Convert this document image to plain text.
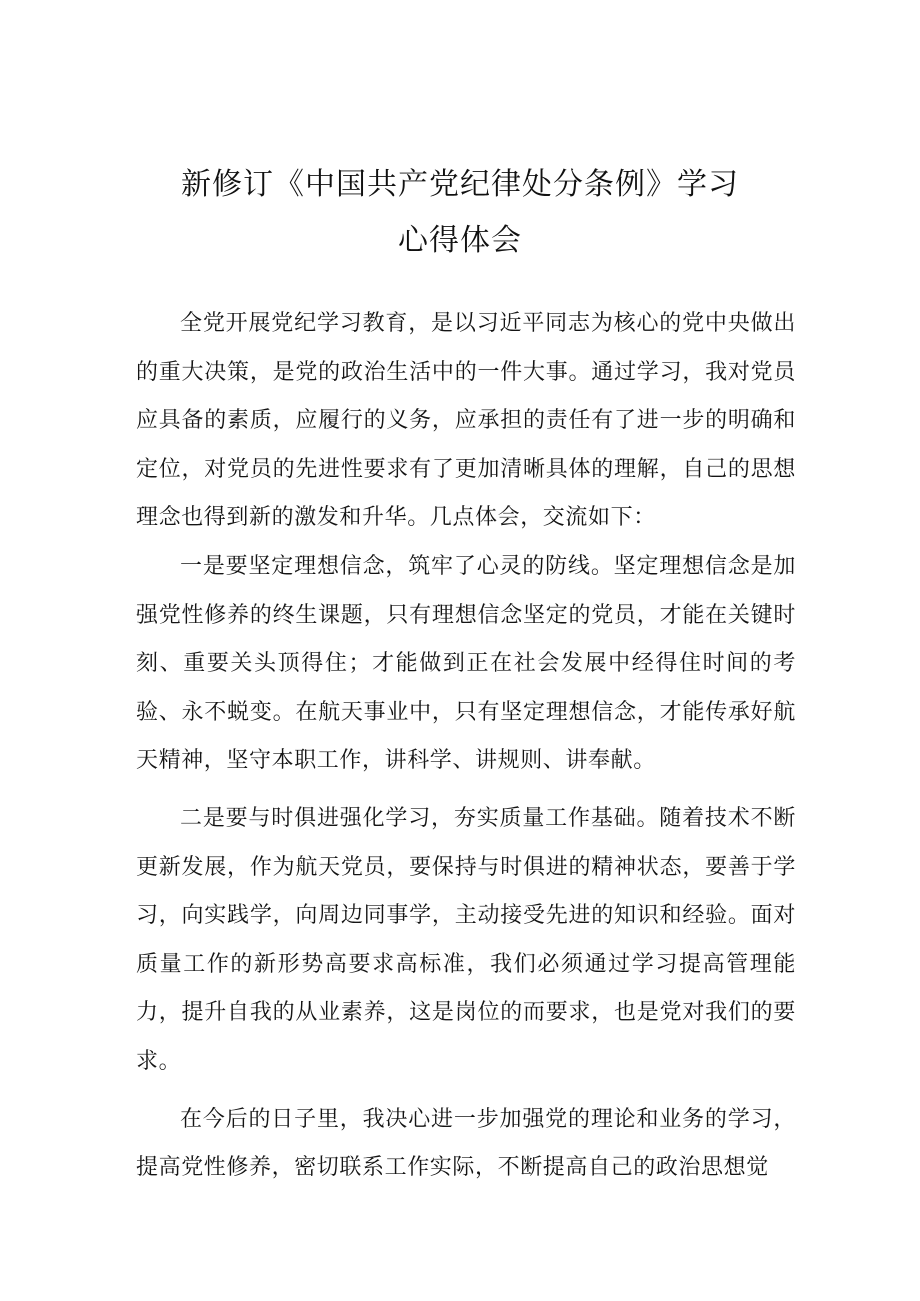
新修订《中国共产党纪律处分条例》学习
心得体会

全党开展党纪学习教育，是以习近平同志为核心的党中央做出的重大决策，是党的政治生活中的一件大事。通过学习，我对党员应具备的素质，应履行的义务，应承担的责任有了进一步的明确和定位，对党员的先进性要求有了更加清晰具体的理解，自己的思想理念也得到新的激发和升华。几点体会，交流如下：

一是要坚定理想信念，筑牢了心灵的防线。坚定理想信念是加强党性修养的终生课题，只有理想信念坚定的党员，才能在关键时刻、重要关头顶得住；才能做到正在社会发展中经得住时间的考验、永不蜕变。在航天事业中，只有坚定理想信念，才能传承好航天精神，坚守本职工作，讲科学、讲规则、讲奉献。

二是要与时俱进强化学习，夯实质量工作基础。随着技术不断更新发展，作为航天党员，要保持与时俱进的精神状态，要善于学习，向实践学，向周边同事学，主动接受先进的知识和经验。面对质量工作的新形势高要求高标准，我们必须通过学习提高管理能力，提升自我的从业素养，这是岗位的而要求，也是党对我们的要求。

在今后的日子里，我决心进一步加强党的理论和业务的学习，提高党性修养，密切联系工作实际，不断提高自己的政治思想觉
